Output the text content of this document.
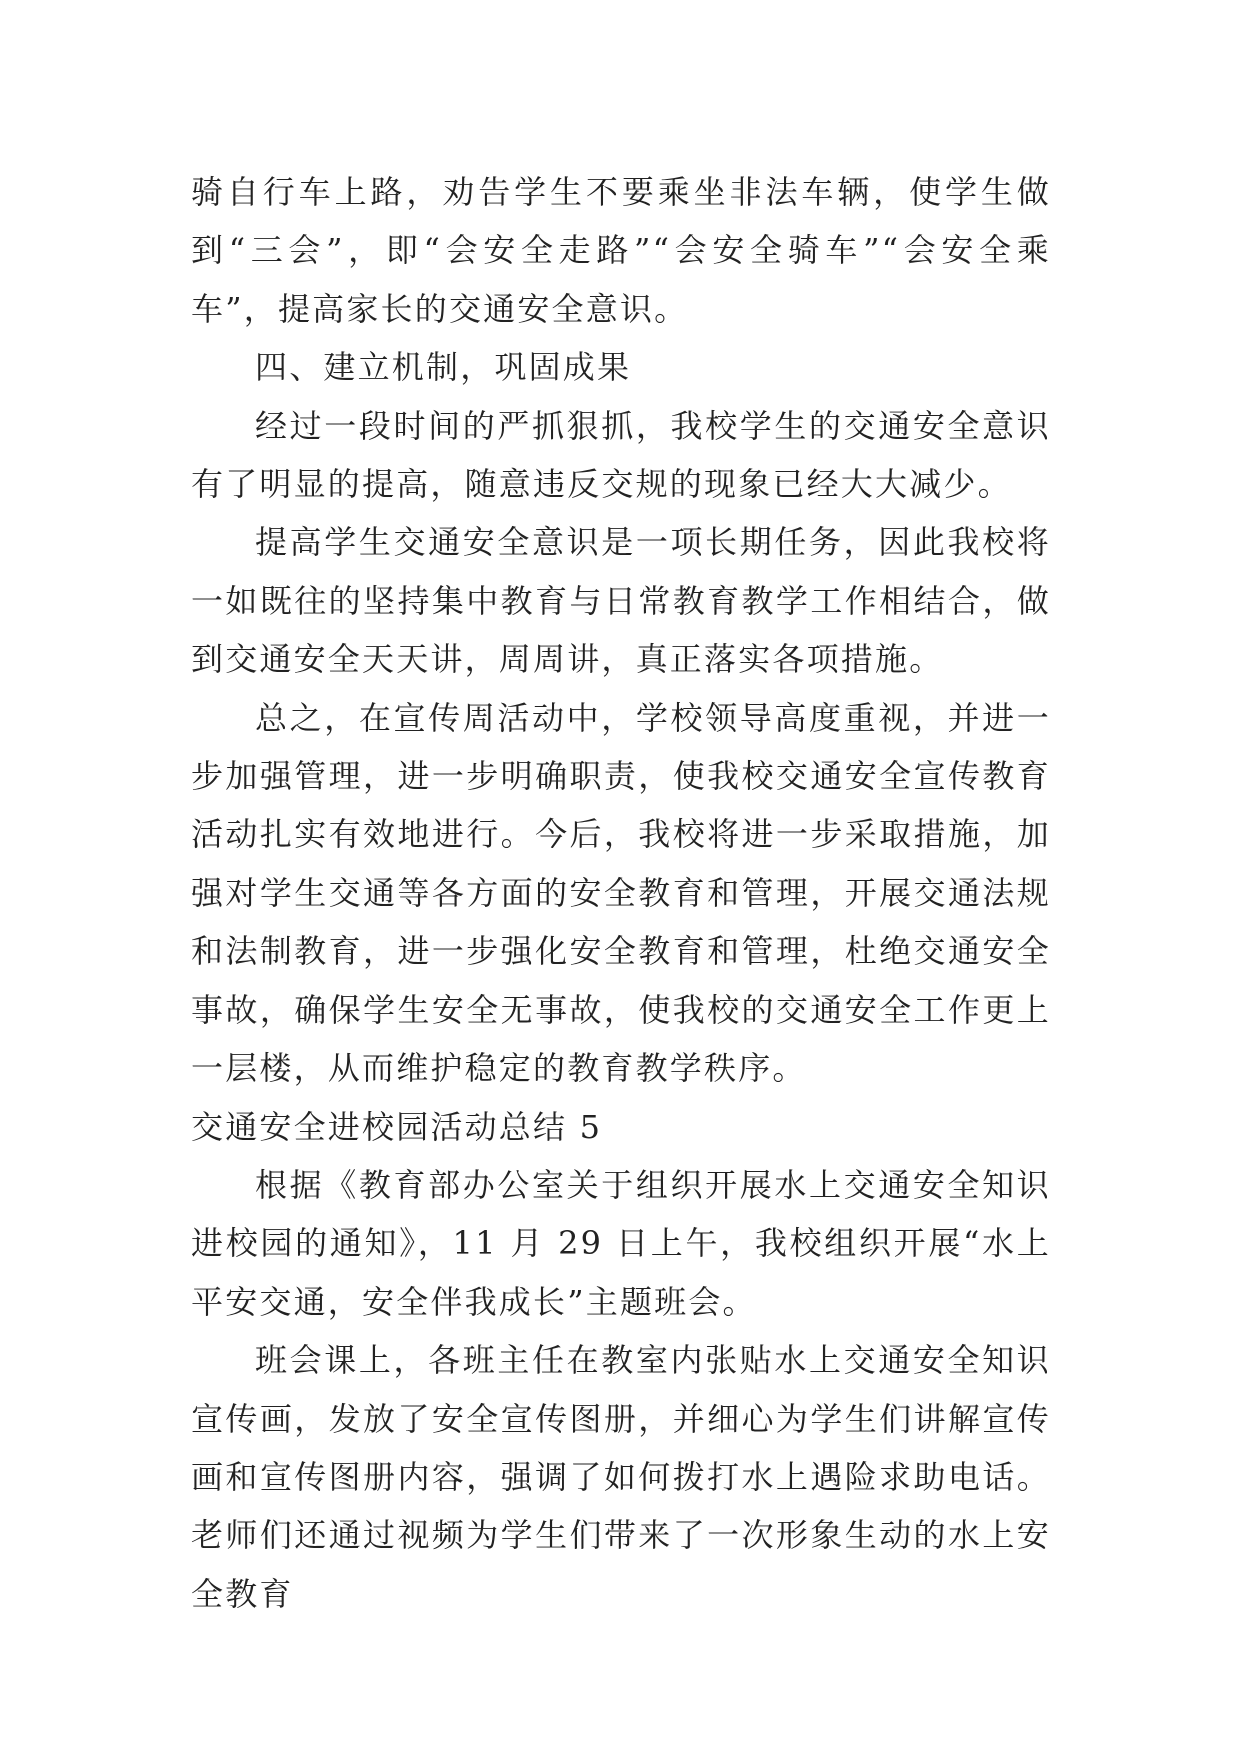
骑自行车上路，劝告学生不要乘坐非法车辆，使学生做到“三会”，即“会安全走路”“会安全骑车”“会安全乘车”，提高家长的交通安全意识。

四、建立机制，巩固成果

经过一段时间的严抓狠抓，我校学生的交通安全意识有了明显的提高，随意违反交规的现象已经大大减少。

提高学生交通安全意识是一项长期任务，因此我校将一如既往的坚持集中教育与日常教育教学工作相结合，做到交通安全天天讲，周周讲，真正落实各项措施。

总之，在宣传周活动中，学校领导高度重视，并进一步加强管理，进一步明确职责，使我校交通安全宣传教育活动扎实有效地进行。今后，我校将进一步采取措施，加强对学生交通等各方面的安全教育和管理，开展交通法规和法制教育，进一步强化安全教育和管理，杜绝交通安全事故，确保学生安全无事故，使我校的交通安全工作更上一层楼，从而维护稳定的教育教学秩序。

交通安全进校园活动总结 5

根据《教育部办公室关于组织开展水上交通安全知识进校园的通知》，11 月 29 日上午，我校组织开展“水上平安交通，安全伴我成长”主题班会。

班会课上，各班主任在教室内张贴水上交通安全知识宣传画，发放了安全宣传图册，并细心为学生们讲解宣传画和宣传图册内容，强调了如何拨打水上遇险求助电话。老师们还通过视频为学生们带来了一次形象生动的水上安全教育
